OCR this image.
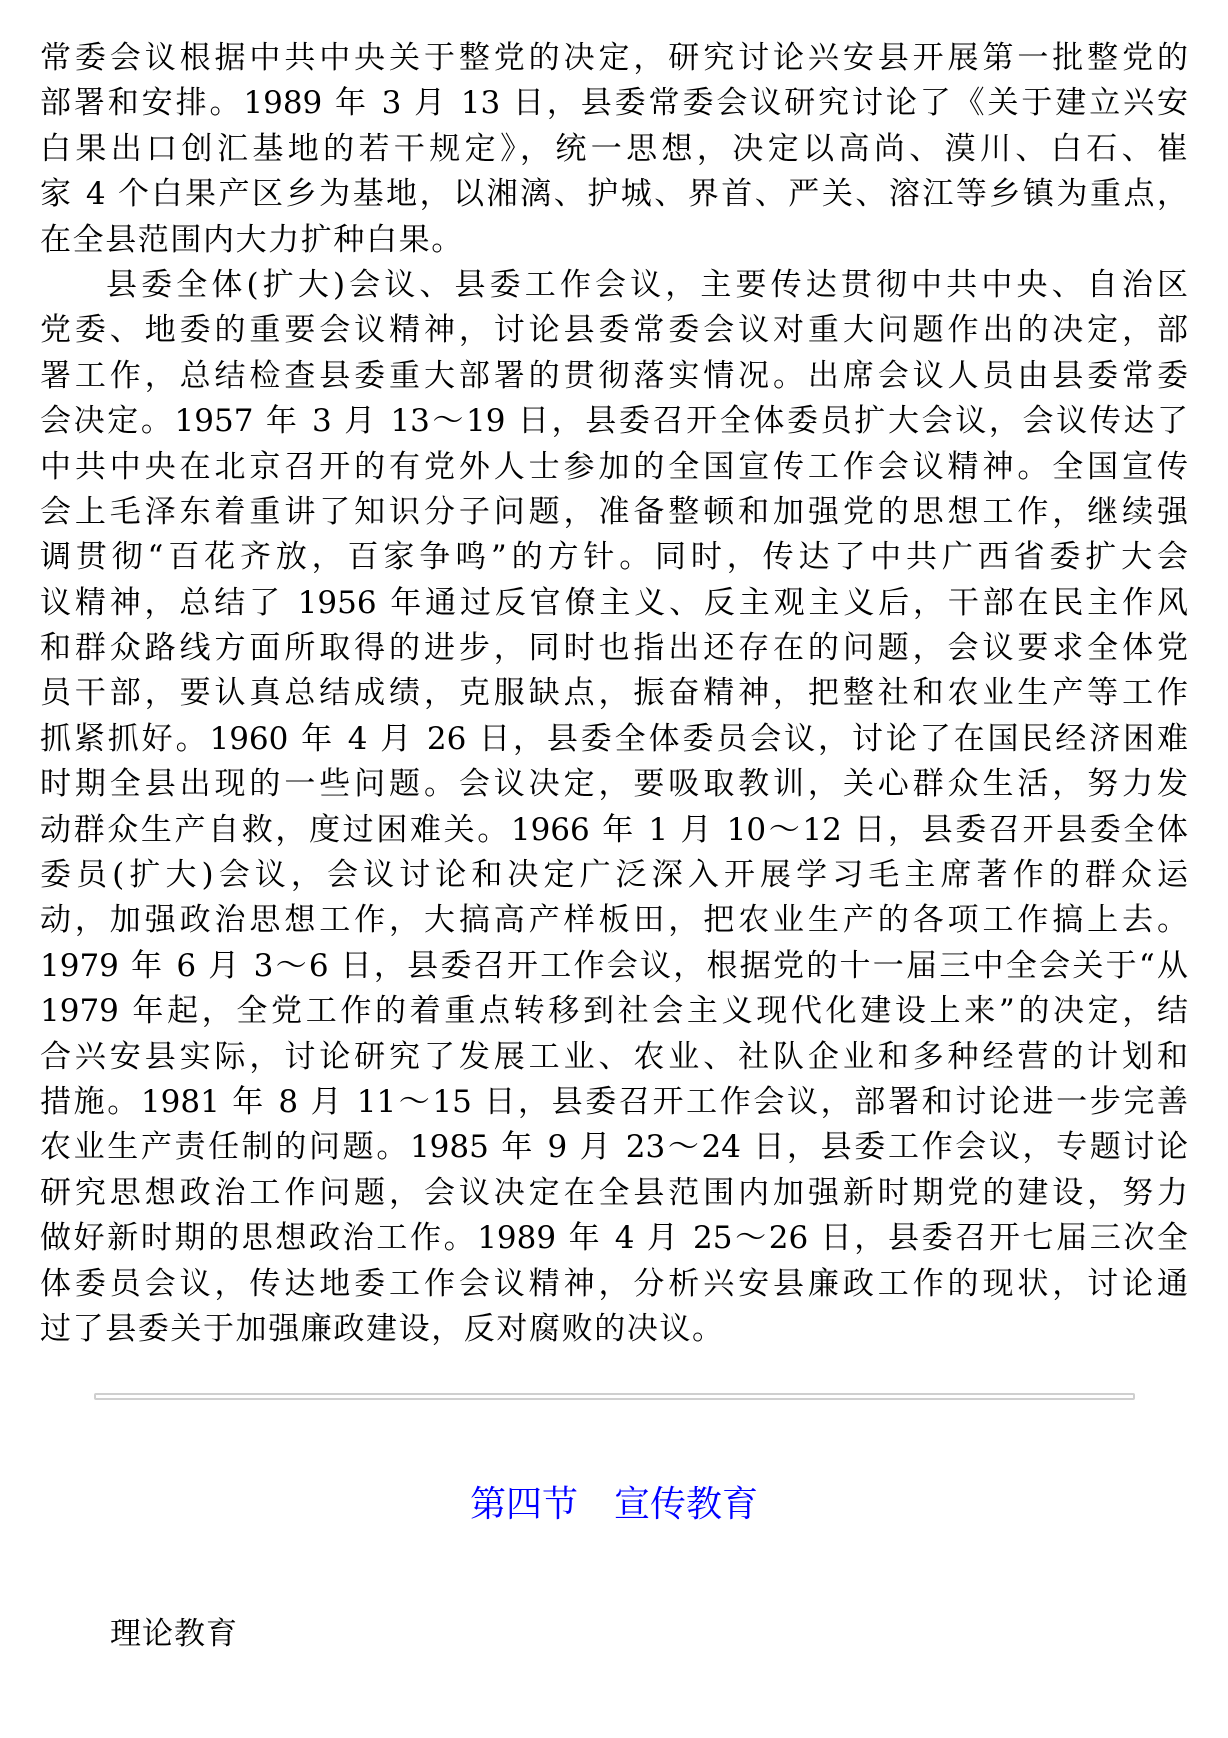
常委会议根据中共中央关于整党的决定，研究讨论兴安县开展第一批整党的
部署和安排。1989 年 3 月 13 日，县委常委会议研究讨论了《关于建立兴安
白果出口创汇基地的若干规定》，统一思想，决定以高尚、漠川、白石、崔
家 4 个白果产区乡为基地，以湘漓、护城、界首、严关、溶江等乡镇为重点，
在全县范围内大力扩种白果。
县委全体(扩大)会议、县委工作会议，主要传达贯彻中共中央、自治区
党委、地委的重要会议精神，讨论县委常委会议对重大问题作出的决定，部
署工作，总结检查县委重大部署的贯彻落实情况。出席会议人员由县委常委
会决定。1957 年 3 月 13～19 日，县委召开全体委员扩大会议，会议传达了
中共中央在北京召开的有党外人士参加的全国宣传工作会议精神。全国宣传
会上毛泽东着重讲了知识分子问题，准备整顿和加强党的思想工作，继续强
调贯彻“百花齐放，百家争鸣”的方针。同时，传达了中共广西省委扩大会
议精神，总结了 1956 年通过反官僚主义、反主观主义后，干部在民主作风
和群众路线方面所取得的进步，同时也指出还存在的问题，会议要求全体党
员干部，要认真总结成绩，克服缺点，振奋精神，把整社和农业生产等工作
抓紧抓好。1960 年 4 月 26 日，县委全体委员会议，讨论了在国民经济困难
时期全县出现的一些问题。会议决定，要吸取教训，关心群众生活，努力发
动群众生产自救，度过困难关。1966 年 1 月 10～12 日，县委召开县委全体
委员(扩大)会议，会议讨论和决定广泛深入开展学习毛主席著作的群众运
动，加强政治思想工作，大搞高产样板田，把农业生产的各项工作搞上去。
1979 年 6 月 3～6 日，县委召开工作会议，根据党的十一届三中全会关于“从
1979 年起，全党工作的着重点转移到社会主义现代化建设上来”的决定，结
合兴安县实际，讨论研究了发展工业、农业、社队企业和多种经营的计划和
措施。1981 年 8 月 11～15 日，县委召开工作会议，部署和讨论进一步完善
农业生产责任制的问题。1985 年 9 月 23～24 日，县委工作会议，专题讨论
研究思想政治工作问题，会议决定在全县范围内加强新时期党的建设，努力
做好新时期的思想政治工作。1989 年 4 月 25～26 日，县委召开七届三次全
体委员会议，传达地委工作会议精神，分析兴安县廉政工作的现状，讨论通
过了县委关于加强廉政建设，反对腐败的决议。
第四节　宣传教育
理论教育
